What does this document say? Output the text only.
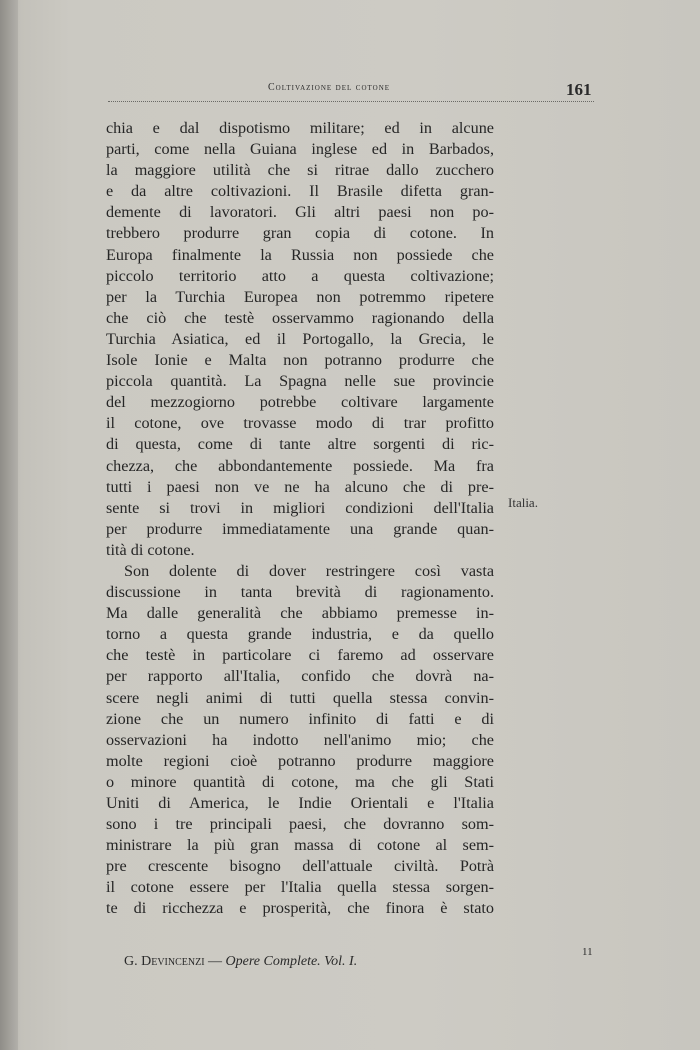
Coltivazione del cotone	161
chia e dal dispotismo militare; ed in alcune
parti, come nella Guiana inglese ed in Barbados,
la maggiore utilità che si ritrae dallo zucchero
e da altre coltivazioni. Il Brasile difetta gran-
demente di lavoratori. Gli altri paesi non po-
trebbero produrre gran copia di cotone. In
Europa finalmente la Russia non possiede che
piccolo territorio atto a questa coltivazione;
per la Turchia Europea non potremmo ripetere
che ciò che testè osservammo ragionando della
Turchia Asiatica, ed il Portogallo, la Grecia, le
Isole Ionie e Malta non potranno produrre che
piccola quantità. La Spagna nelle sue provincie
del mezzogiorno potrebbe coltivare largamente
il cotone, ove trovasse modo di trar profitto
di questa, come di tante altre sorgenti di ric-
chezza, che abbondantemente possiede. Ma fra
tutti i paesi non ve ne ha alcuno che di pre-
sente si trovi in migliori condizioni dell'Italia
per produrre immediatamente una grande quan-
tità di cotone.
Son dolente di dover restringere così vasta
discussione in tanta brevità di ragionamento.
Ma dalle generalità che abbiamo premesse in-
torno a questa grande industria, e da quello
che testè in particolare ci faremo ad osservare
per rapporto all'Italia, confido che dovrà na-
scere negli animi di tutti quella stessa convin-
zione che un numero infinito di fatti e di
osservazioni ha indotto nell'animo mio; che
molte regioni cioè potranno produrre maggiore
o minore quantità di cotone, ma che gli Stati
Uniti di America, le Indie Orientali e l'Italia
sono i tre principali paesi, che dovranno som-
ministrare la più gran massa di cotone al sem-
pre crescente bisogno dell'attuale civiltà. Potrà
il cotone essere per l'Italia quella stessa sorgen-
te di ricchezza e prosperità, che finora è stato
Italia.
G. Devincenzi — Opere Complete. Vol. I.
11
